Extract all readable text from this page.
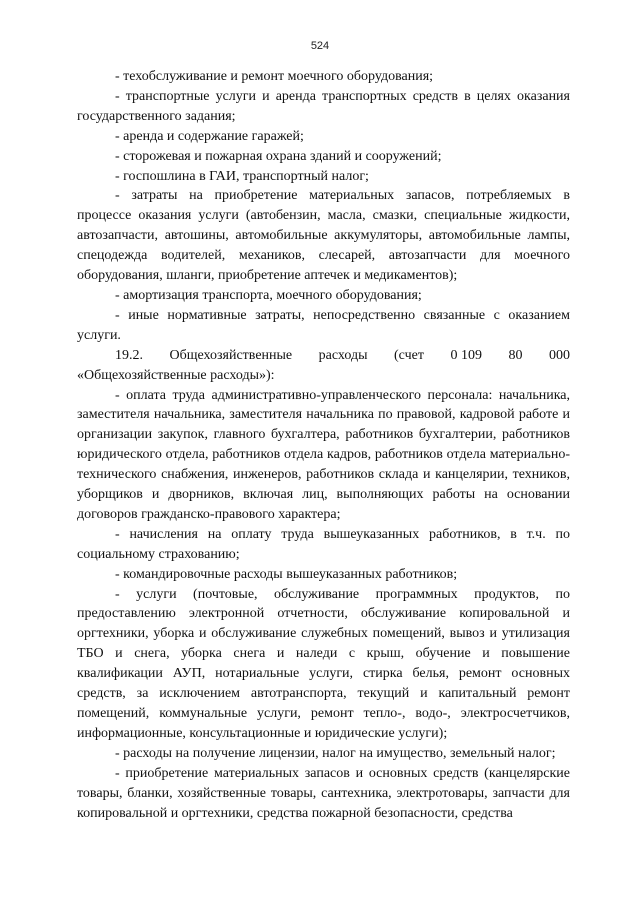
524

- техобслуживание и ремонт моечного оборудования;

- транспортные услуги и аренда транспортных средств в целях оказания государственного задания;

- аренда и содержание гаражей;

- сторожевая и пожарная охрана зданий и сооружений;

- госпошлина в ГАИ, транспортный налог;

- затраты на приобретение материальных запасов, потребляемых в процессе оказания услуги (автобензин, масла, смазки, специальные жидкости, автозапчасти, автошины, автомобильные аккумуляторы, автомобильные лампы, спецодежда водителей, механиков, слесарей, автозапчасти для моечного оборудования, шланги, приобретение аптечек и медикаментов);

- амортизация транспорта, моечного оборудования;

- иные нормативные затраты, непосредственно связанные с оказанием услуги.

19.2. Общехозяйственные расходы (счет 0 109 80 000

«Общехозяйственные расходы»):

- оплата труда административно-управленческого персонала: начальника, заместителя начальника, заместителя начальника по правовой, кадровой работе и организации закупок, главного бухгалтера, работников бухгалтерии, работников юридического отдела, работников отдела кадров, работников отдела материально-технического снабжения, инженеров, работников склада и канцелярии, техников, уборщиков и дворников, включая лиц, выполняющих работы на основании договоров гражданско-правового характера;

- начисления на оплату труда вышеуказанных работников, в т.ч. по социальному страхованию;

- командировочные расходы вышеуказанных работников;

- услуги (почтовые, обслуживание программных продуктов, по предоставлению электронной отчетности, обслуживание копировальной и оргтехники, уборка и обслуживание служебных помещений, вывоз и утилизация ТБО и снега, уборка снега и наледи с крыш, обучение и повышение квалификации АУП, нотариальные услуги, стирка белья, ремонт основных средств, за исключением автотранспорта, текущий и капитальный ремонт помещений, коммунальные услуги, ремонт тепло-, водо-, электросчетчиков, информационные, консультационные и юридические услуги);

- расходы на получение лицензии, налог на имущество, земельный налог;

- приобретение материальных запасов и основных средств (канцелярские товары, бланки, хозяйственные товары, сантехника, электротовары, запчасти для копировальной и оргтехники, средства пожарной безопасности, средства
